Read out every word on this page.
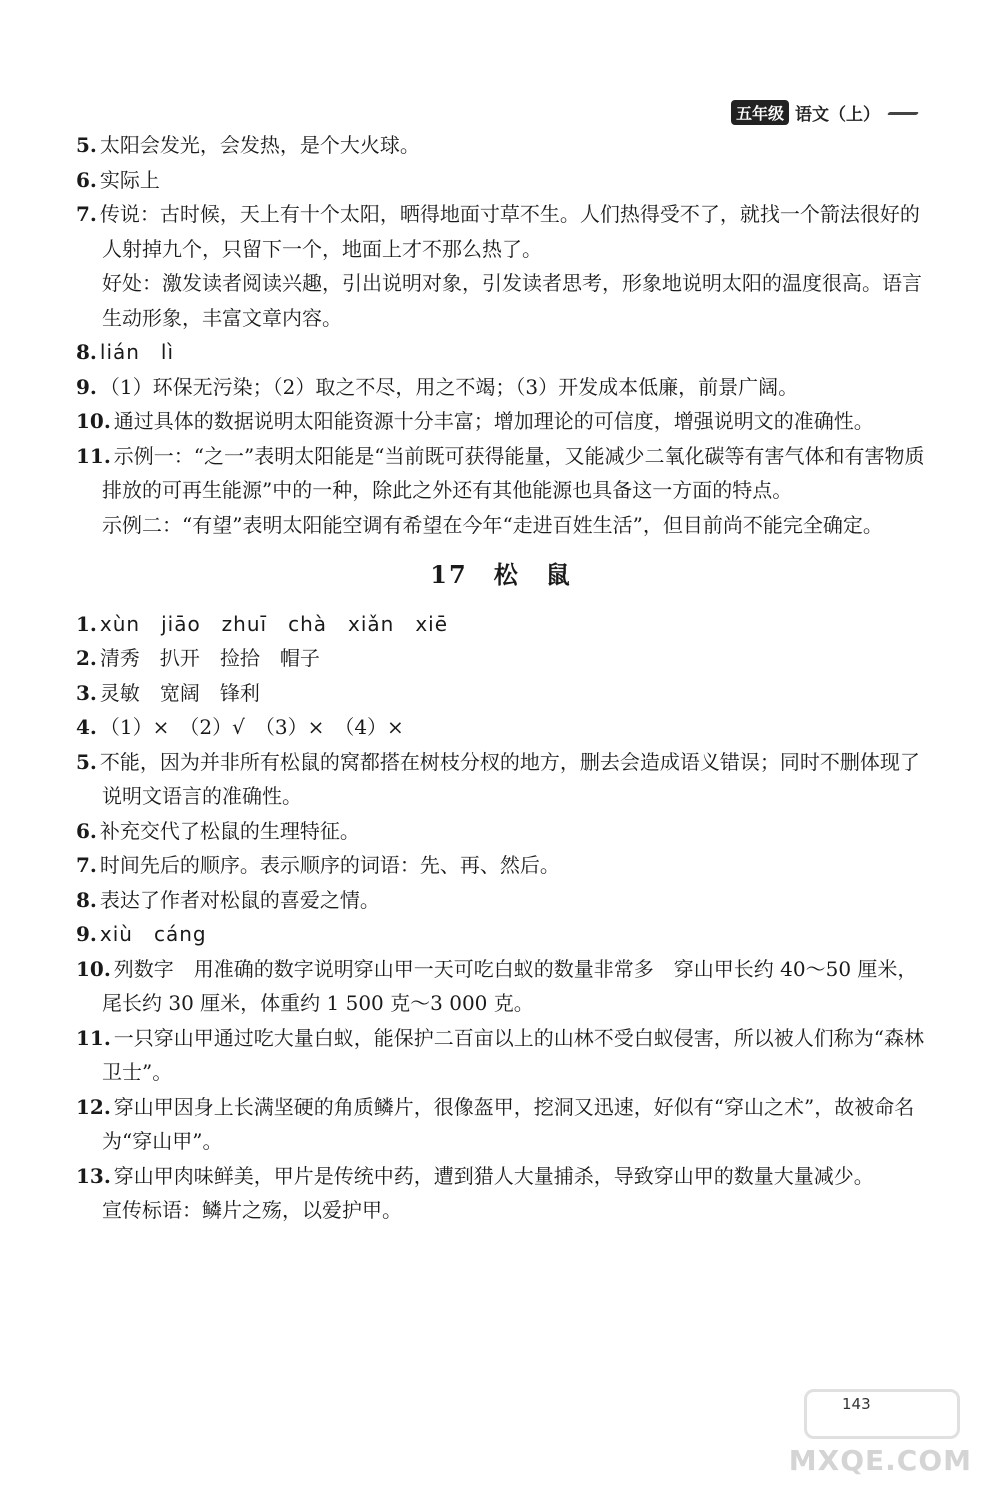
五年级 语文（上）

5. 太阳会发光，会发热，是个大火球。

6. 实际上

7. 传说：古时候，天上有十个太阳，晒得地面寸草不生。人们热得受不了，就找一个箭法很好的人射掉九个，只留下一个，地面上才不那么热了。

好处：激发读者阅读兴趣，引出说明对象，引发读者思考，形象地说明太阳的温度很高。语言生动形象，丰富文章内容。

8. lián　lì

9. （1）环保无污染；（2）取之不尽，用之不竭；（3）开发成本低廉，前景广阔。

10. 通过具体的数据说明太阳能资源十分丰富；增加理论的可信度，增强说明文的准确性。

11. 示例一：“之一”表明太阳能是“当前既可获得能量，又能减少二氧化碳等有害气体和有害物质排放的可再生能源”中的一种，除此之外还有其他能源也具备这一方面的特点。

示例二：“有望”表明太阳能空调有希望在今年“走进百姓生活”，但目前尚不能完全确定。

17　松　鼠

1. xùn　jiāo　zhuī　chà　xiǎn　xiē

2. 清秀　扒开　捡拾　帽子

3. 灵敏　宽阔　锋利

4. （1）×　（2）√　（3）×　（4）×

5. 不能，因为并非所有松鼠的窝都搭在树枝分杈的地方，删去会造成语义错误；同时不删体现了说明文语言的准确性。

6. 补充交代了松鼠的生理特征。

7. 时间先后的顺序。表示顺序的词语：先、再、然后。

8. 表达了作者对松鼠的喜爱之情。

9. xiù　cáng

10. 列数字　用准确的数字说明穿山甲一天可吃白蚁的数量非常多　穿山甲长约 40～50 厘米，尾长约 30 厘米，体重约 1 500 克～3 000 克。

11. 一只穿山甲通过吃大量白蚁，能保护二百亩以上的山林不受白蚁侵害，所以被人们称为“森林卫士”。

12. 穿山甲因身上长满坚硬的角质鳞片，很像盔甲，挖洞又迅速，好似有“穿山之术”，故被命名为“穿山甲”。

13. 穿山甲肉味鲜美，甲片是传统中药，遭到猎人大量捕杀，导致穿山甲的数量大量减少。

宣传标语：鳞片之殇，以爱护甲。

143
MXQE.COM
